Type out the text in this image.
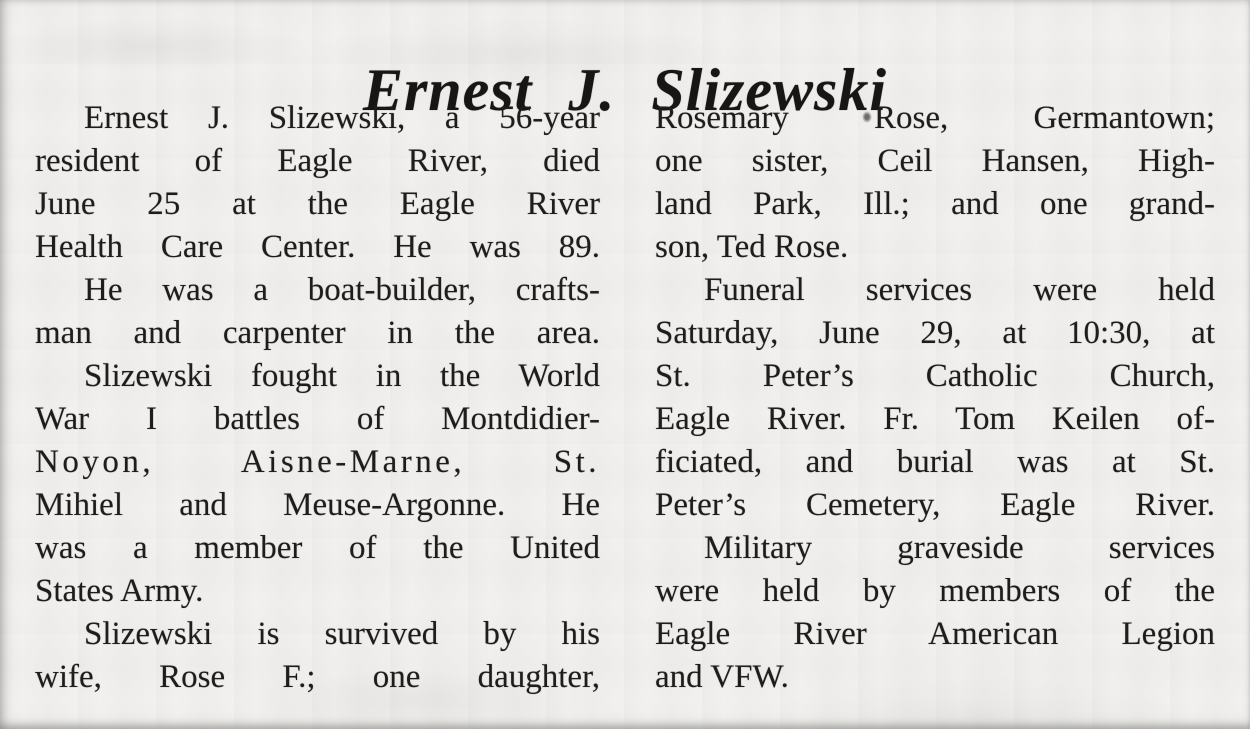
Ernest J. Slizewski
Ernest J. Slizewski, a 56-year
resident of Eagle River, died
June 25 at the Eagle River
Health Care Center. He was 89.
He was a boat-builder, crafts-
man and carpenter in the area.
Slizewski fought in the World
War I battles of Montdidier-
Noyon, Aisne-Marne, St.
Mihiel and Meuse-Argonne. He
was a member of the United
States Army.
Slizewski is survived by his
wife, Rose F.; one daughter,
Rosemary Rose, Germantown;
one sister, Ceil Hansen, High-
land Park, Ill.; and one grand-
son, Ted Rose.
Funeral services were held
Saturday, June 29, at 10:30, at
St. Peter’s Catholic Church,
Eagle River. Fr. Tom Keilen of-
ficiated, and burial was at St.
Peter’s Cemetery, Eagle River.
Military graveside services
were held by members of the
Eagle River American Legion
and VFW.
